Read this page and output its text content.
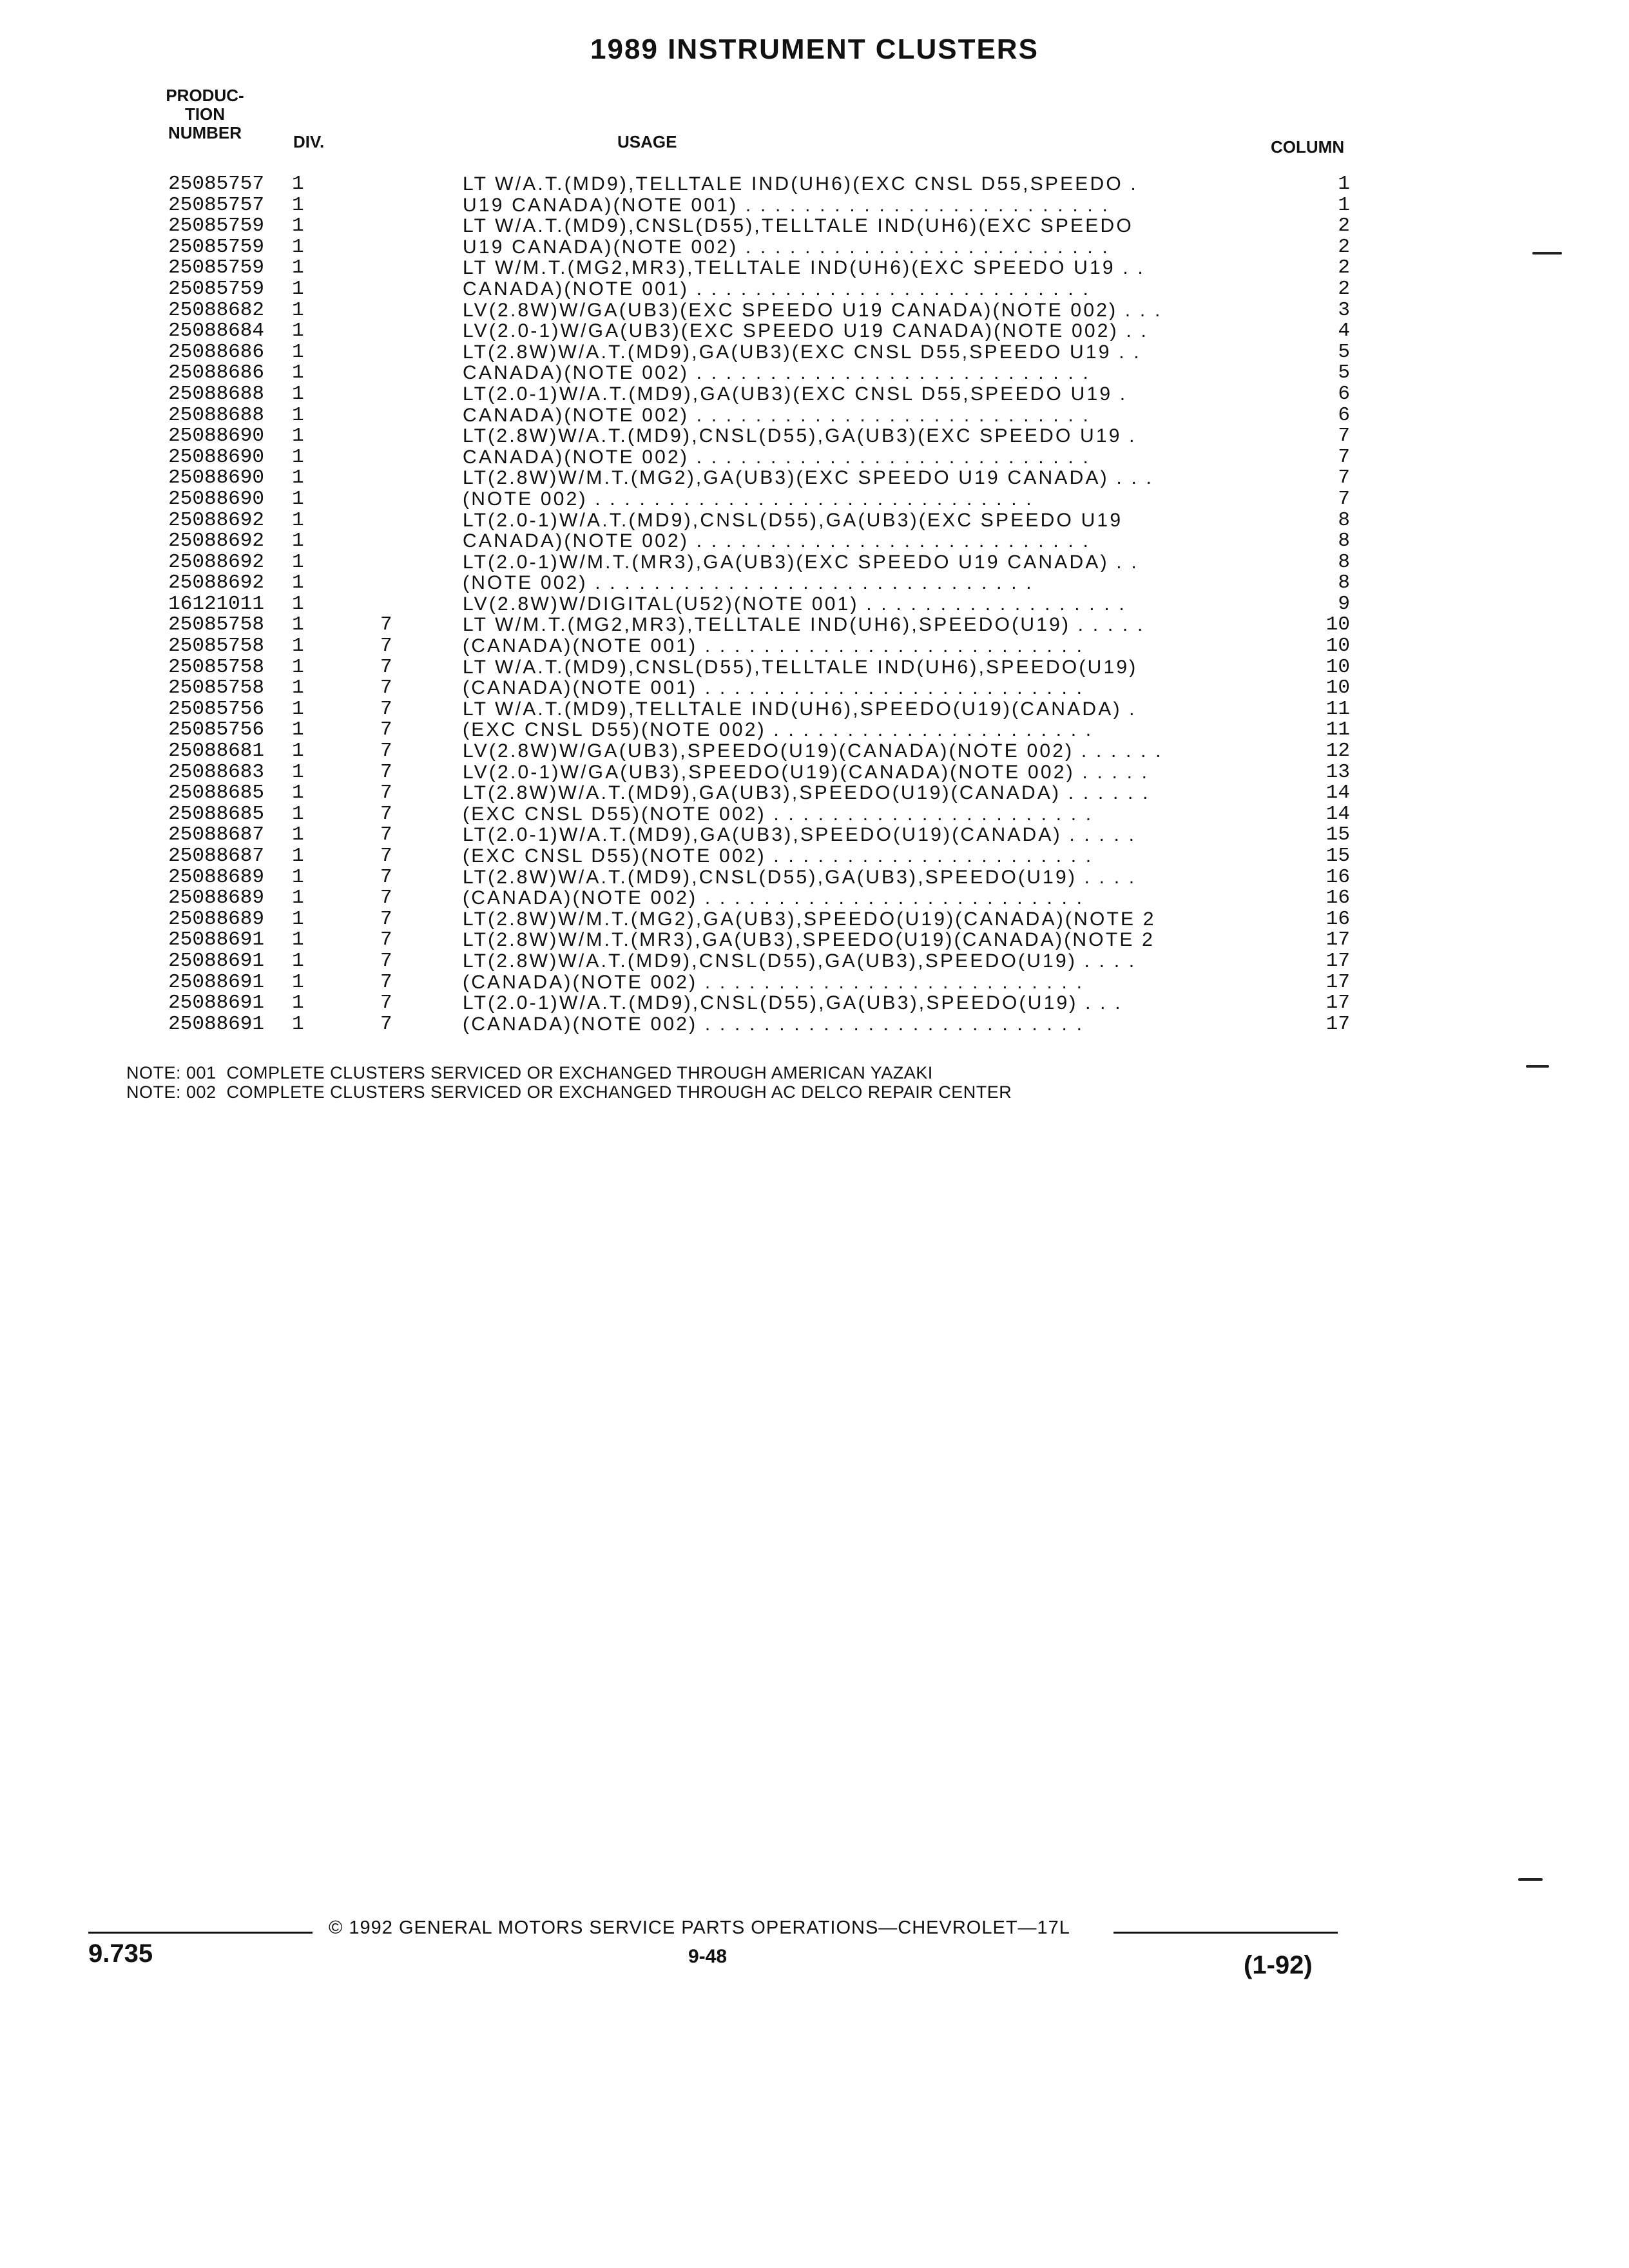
1989 INSTRUMENT CLUSTERS
PRODUC-
TION
NUMBER	DIV.	USAGE	COLUMN
25085757 1	LT W/A.T.(MD9),TELLTALE IND(UH6)(EXC CNSL D55,SPEEDO .	1
25085757 1	U19 CANADA)(NOTE 001) . . . . . . . . . . . . . . . . . . . . . . . . .	1
25085759 1	LT W/A.T.(MD9),CNSL(D55),TELLTALE IND(UH6)(EXC SPEEDO	2
25085759 1	U19 CANADA)(NOTE 002) . . . . . . . . . . . . . . . . . . . . . . . . .	2
25085759 1	LT W/M.T.(MG2,MR3),TELLTALE IND(UH6)(EXC SPEEDO U19 . .	2
25085759 1	CANADA)(NOTE 001) . . . . . . . . . . . . . . . . . . . . . . . . . . .	2
25088682 1	LV(2.8W)W/GA(UB3)(EXC SPEEDO U19 CANADA)(NOTE 002) . . .	3
25088684 1	LV(2.0-1)W/GA(UB3)(EXC SPEEDO U19 CANADA)(NOTE 002) . .	4
25088686 1	LT(2.8W)W/A.T.(MD9),GA(UB3)(EXC CNSL D55,SPEEDO U19 . .	5
25088686 1	CANADA)(NOTE 002) . . . . . . . . . . . . . . . . . . . . . . . . . . .	5
25088688 1	LT(2.0-1)W/A.T.(MD9),GA(UB3)(EXC CNSL D55,SPEEDO U19 .	6
25088688 1	CANADA)(NOTE 002) . . . . . . . . . . . . . . . . . . . . . . . . . . .	6
25088690 1	LT(2.8W)W/A.T.(MD9),CNSL(D55),GA(UB3)(EXC SPEEDO U19 .	7
25088690 1	CANADA)(NOTE 002) . . . . . . . . . . . . . . . . . . . . . . . . . . .	7
25088690 1	LT(2.8W)W/M.T.(MG2),GA(UB3)(EXC SPEEDO U19 CANADA) . . .	7
25088690 1	(NOTE 002) . . . . . . . . . . . . . . . . . . . . . . . . . . . . . .	7
25088692 1	LT(2.0-1)W/A.T.(MD9),CNSL(D55),GA(UB3)(EXC SPEEDO U19	8
25088692 1	CANADA)(NOTE 002) . . . . . . . . . . . . . . . . . . . . . . . . . . .	8
25088692 1	LT(2.0-1)W/M.T.(MR3),GA(UB3)(EXC SPEEDO U19 CANADA) . .	8
25088692 1	(NOTE 002) . . . . . . . . . . . . . . . . . . . . . . . . . . . . . .	8
16121011 1	LV(2.8W)W/DIGITAL(U52)(NOTE 001) . . . . . . . . . . . . . . . . . .	9
25085758 1	7	LT W/M.T.(MG2,MR3),TELLTALE IND(UH6),SPEEDO(U19) . . . . .	10
25085758 1	7	(CANADA)(NOTE 001) . . . . . . . . . . . . . . . . . . . . . . . . . .	10
25085758 1	7	LT W/A.T.(MD9),CNSL(D55),TELLTALE IND(UH6),SPEEDO(U19)	10
25085758 1	7	(CANADA)(NOTE 001) . . . . . . . . . . . . . . . . . . . . . . . . . .	10
25085756 1	7	LT W/A.T.(MD9),TELLTALE IND(UH6),SPEEDO(U19)(CANADA) .	11
25085756 1	7	(EXC CNSL D55)(NOTE 002) . . . . . . . . . . . . . . . . . . . . . .	11
25088681 1	7	LV(2.8W)W/GA(UB3),SPEEDO(U19)(CANADA)(NOTE 002) . . . . . .	12
25088683 1	7	LV(2.0-1)W/GA(UB3),SPEEDO(U19)(CANADA)(NOTE 002) . . . . .	13
25088685 1	7	LT(2.8W)W/A.T.(MD9),GA(UB3),SPEEDO(U19)(CANADA) . . . . . .	14
25088685 1	7	(EXC CNSL D55)(NOTE 002) . . . . . . . . . . . . . . . . . . . . . .	14
25088687 1	7	LT(2.0-1)W/A.T.(MD9),GA(UB3),SPEEDO(U19)(CANADA) . . . . .	15
25088687 1	7	(EXC CNSL D55)(NOTE 002) . . . . . . . . . . . . . . . . . . . . . .	15
25088689 1	7	LT(2.8W)W/A.T.(MD9),CNSL(D55),GA(UB3),SPEEDO(U19) . . . .	16
25088689 1	7	(CANADA)(NOTE 002) . . . . . . . . . . . . . . . . . . . . . . . . . .	16
25088689 1	7	LT(2.8W)W/M.T.(MG2),GA(UB3),SPEEDO(U19)(CANADA)(NOTE 2	16
25088691 1	7	LT(2.8W)W/M.T.(MR3),GA(UB3),SPEEDO(U19)(CANADA)(NOTE 2	17
25088691 1	7	LT(2.8W)W/A.T.(MD9),CNSL(D55),GA(UB3),SPEEDO(U19) . . . .	17
25088691 1	7	(CANADA)(NOTE 002) . . . . . . . . . . . . . . . . . . . . . . . . . .	17
25088691 1	7	LT(2.0-1)W/A.T.(MD9),CNSL(D55),GA(UB3),SPEEDO(U19) . . .	17
25088691 1	7	(CANADA)(NOTE 002) . . . . . . . . . . . . . . . . . . . . . . . . . .	17
NOTE: 001  COMPLETE CLUSTERS SERVICED OR EXCHANGED THROUGH AMERICAN YAZAKI
NOTE: 002  COMPLETE CLUSTERS SERVICED OR EXCHANGED THROUGH AC DELCO REPAIR CENTER
© 1992 GENERAL MOTORS SERVICE PARTS OPERATIONS—CHEVROLET—17L
9.735	9-48	(1-92)
